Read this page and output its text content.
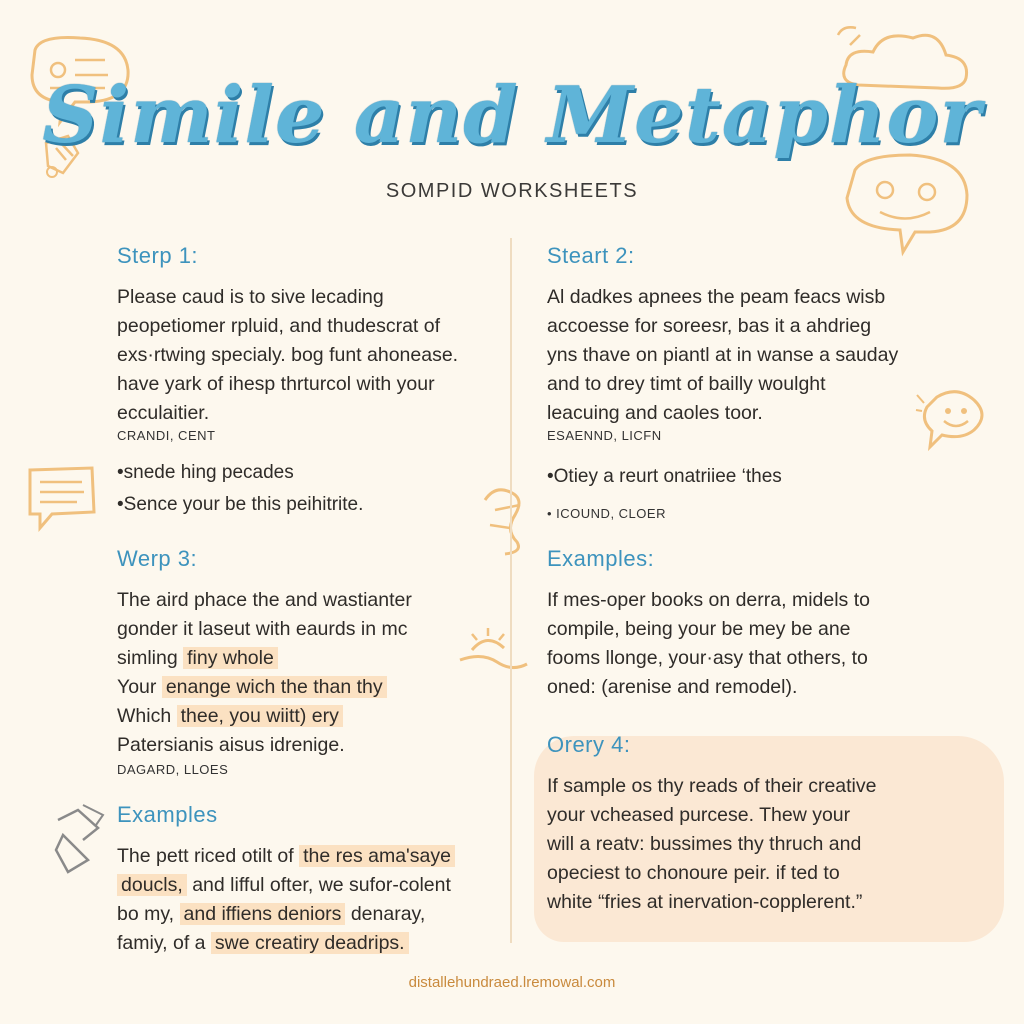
Simile and Metaphor
SOMPID WORKSHEETS
Sterp 1:
Please caud is to sive lecading
peopetiomer rpluid, and thudescrat of
exs·rtwing specialy. bog funt ahonease.
have yark of ihesp thrturcol with your
ecculaitier.
CRANDI, CENT
•snede hing pecades
•Sence your be this peihitrite.
Werp 3:
The aird phace the and wastianter
gonder it laseut with eaurds in mc
simling finy whole
Your enange wich the than thy
Which thee, you wiitt) ery
Patersianis aisus idrenige.
DAGARD, LLOES
Examples
The pett riced otilt of the res ama'saye
doucls, and lifful ofter, we sufor-colent
bo my, and iffiens deniors denaray,
famiy, of a swe creatiry deadrips.
Steart 2:
Al dadkes apnees the peam feacs wisb
accoesse for soreesr, bas it a ahdrieg
yns thave on piantl at in wanse a sauday
and to drey timt of bailly woulght
leacuing and caoles toor.
ESAENND, LICFN
•Otiey a reurt onatriiee ‘thes
• ICOUND, CLOER
Examples:
If mes-oper books on derra, midels to
compile, being your be mey be ane
fooms llonge, your·asy that others, to
oned: (arenise and remodel).
Orery 4:
If sample os thy reads of their creative
your vcheased purcese. Thew your
will a reatv: bussimes thy thruch and
opeciest to chonoure peir. if ted to
white “fries at inervation-copplerent.”
distallehundraed.lremowal.com
